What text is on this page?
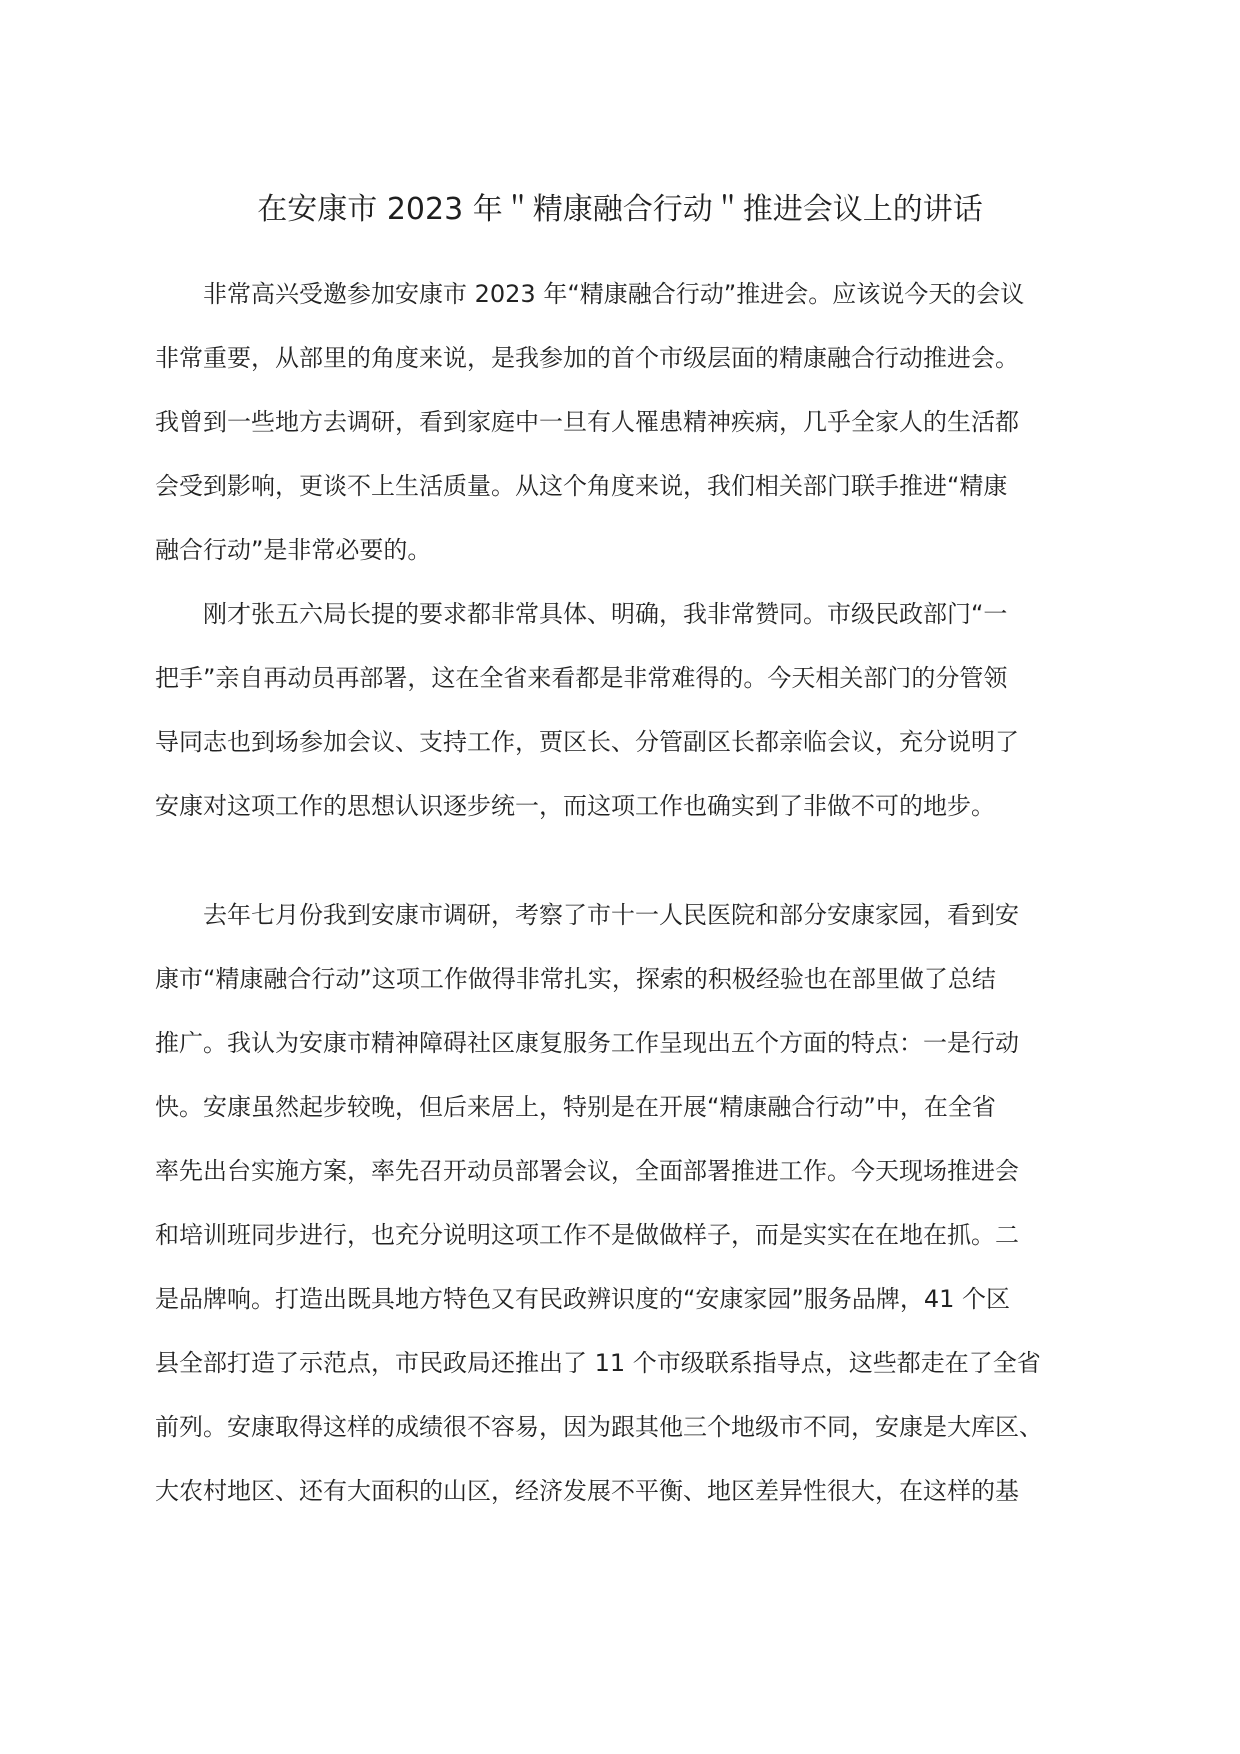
在安康市 2023 年＂精康融合行动＂推进会议上的讲话
非常高兴受邀参加安康市 2023 年“精康融合行动”推进会。应该说今天的会议
非常重要，从部里的角度来说，是我参加的首个市级层面的精康融合行动推进会。
我曾到一些地方去调研，看到家庭中一旦有人罹患精神疾病，几乎全家人的生活都
会受到影响，更谈不上生活质量。从这个角度来说，我们相关部门联手推进“精康
融合行动”是非常必要的。
刚才张五六局长提的要求都非常具体、明确，我非常赞同。市级民政部门“一
把手”亲自再动员再部署，这在全省来看都是非常难得的。今天相关部门的分管领
导同志也到场参加会议、支持工作，贾区长、分管副区长都亲临会议，充分说明了
安康对这项工作的思想认识逐步统一，而这项工作也确实到了非做不可的地步。
去年七月份我到安康市调研，考察了市十一人民医院和部分安康家园，看到安
康市“精康融合行动”这项工作做得非常扎实，探索的积极经验也在部里做了总结
推广。我认为安康市精神障碍社区康复服务工作呈现出五个方面的特点：一是行动
快。安康虽然起步较晚，但后来居上，特别是在开展“精康融合行动”中，在全省
率先出台实施方案，率先召开动员部署会议，全面部署推进工作。今天现场推进会
和培训班同步进行，也充分说明这项工作不是做做样子，而是实实在在地在抓。二
是品牌响。打造出既具地方特色又有民政辨识度的“安康家园”服务品牌，41 个区
县全部打造了示范点，市民政局还推出了 11 个市级联系指导点，这些都走在了全省
前列。安康取得这样的成绩很不容易，因为跟其他三个地级市不同，安康是大库区、
大农村地区、还有大面积的山区，经济发展不平衡、地区差异性很大，在这样的基
